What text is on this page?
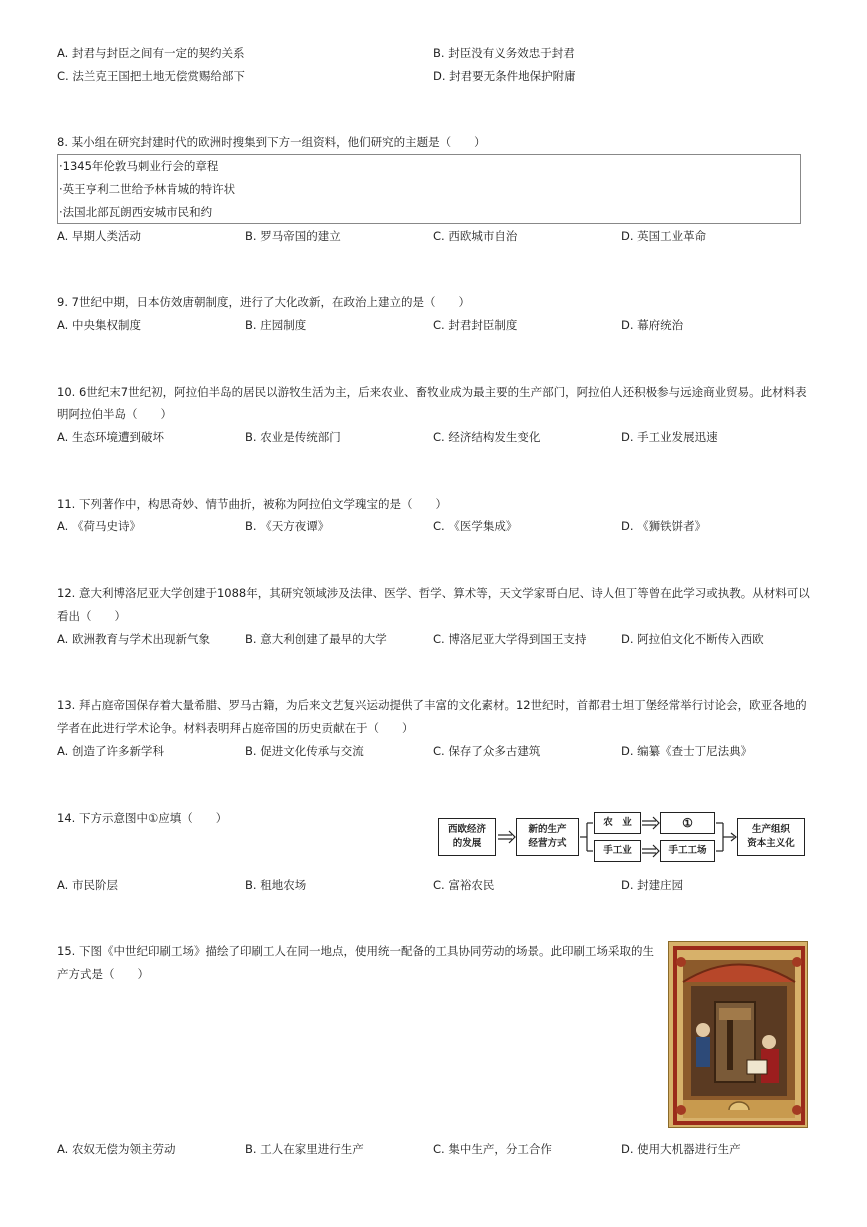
A. 封君与封臣之间有一定的契约关系	B. 封臣没有义务效忠于封君
C. 法兰克王国把土地无偿赏赐给部下	D. 封君要无条件地保护附庸
8. 某小组在研究封建时代的欧洲时搜集到下方一组资料，他们研究的主题是（　　）
·1345年伦敦马刺业行会的章程
·英王亨利二世给予林肯城的特许状
·法国北部瓦朗西安城市民和约
A. 早期人类活动	B. 罗马帝国的建立	C. 西欧城市自治	D. 英国工业革命
9. 7世纪中期，日本仿效唐朝制度，进行了大化改新，在政治上建立的是（　　）
A. 中央集权制度	B. 庄园制度	C. 封君封臣制度	D. 幕府统治
10. 6世纪末7世纪初，阿拉伯半岛的居民以游牧生活为主，后来农业、畜牧业成为最主要的生产部门，阿拉伯人还积极参与远途商业贸易。此材料表
明阿拉伯半岛（　　）
A. 生态环境遭到破坏	B. 农业是传统部门	C. 经济结构发生变化	D. 手工业发展迅速
11. 下列著作中，构思奇妙、情节曲折，被称为阿拉伯文学瑰宝的是（　　）
A. 《荷马史诗》	B. 《天方夜谭》	C. 《医学集成》	D. 《狮铁饼者》
12. 意大利博洛尼亚大学创建于1088年，其研究领域涉及法律、医学、哲学、算术等，天文学家哥白尼、诗人但丁等曾在此学习或执教。从材料可以
看出（　　）
A. 欧洲教育与学术出现新气象	B. 意大利创建了最早的大学	C. 博洛尼亚大学得到国王支持	D. 阿拉伯文化不断传入西欧
13. 拜占庭帝国保存着大量希腊、罗马古籍，为后来文艺复兴运动提供了丰富的文化素材。12世纪时，首都君士坦丁堡经常举行讨论会，欧亚各地的
学者在此进行学术论争。材料表明拜占庭帝国的历史贡献在于（　　）
A. 创造了许多新学科	B. 促进文化传承与交流	C. 保存了众多古建筑	D. 编纂《查士丁尼法典》
14. 下方示意图中①应填（　　）
西欧经济
的发展
新的生产
经营方式
农　业
手工业
①
手工工场
生产组织
资本主义化
A. 市民阶层	B. 租地农场	C. 富裕农民	D. 封建庄园
15. 下图《中世纪印刷工场》描绘了印刷工人在同一地点，使用统一配备的工具协同劳动的场景。此印刷工场采取的生
产方式是（　　）
A. 农奴无偿为领主劳动	B. 工人在家里进行生产	C. 集中生产，分工合作	D. 使用大机器进行生产
